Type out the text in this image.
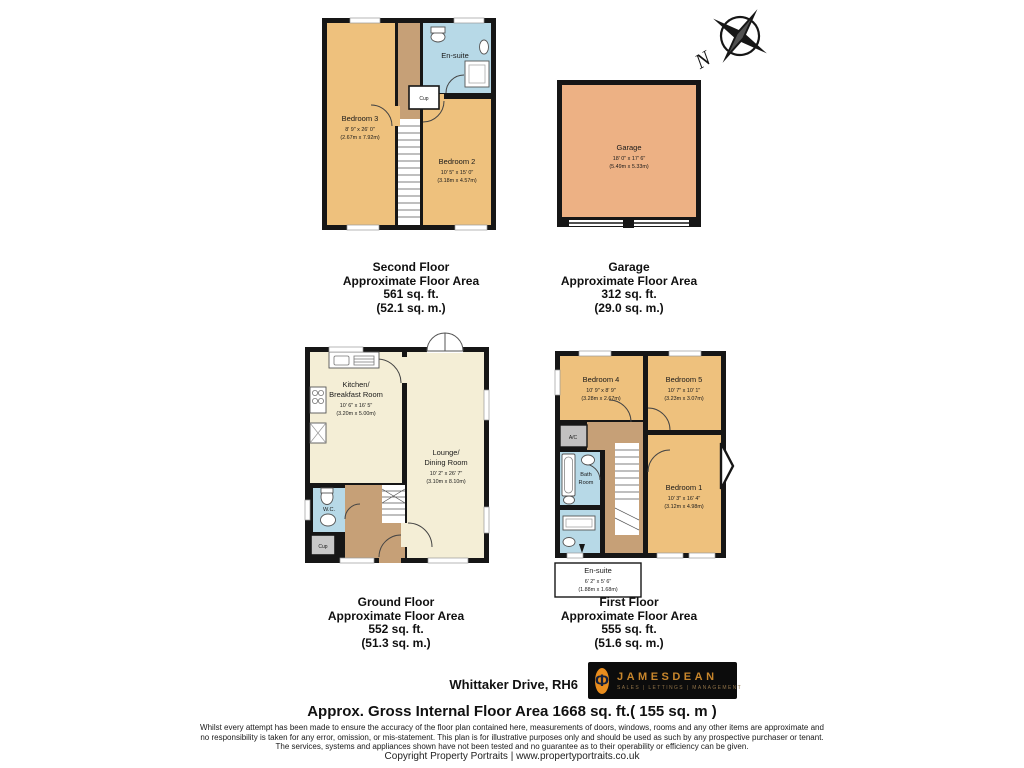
N
Cup
Bedroom 3
8' 9" x 26' 0"
(2.67m x 7.92m)
Bedroom 2
10' 5" x 15' 0"
(3.18m x 4.57m)
En-suite
Garage
18' 0" x 17' 6"
(5.49m x 5.33m)
Kitchen/
Breakfast Room
10' 6" x 16' 5"
(3.20m x 5.00m)
Lounge/
Dining Room
10' 2" x 26' 7"
(3.10m x 8.10m)
W.C.
Cup
En-suite
6' 2" x 5' 6"
(1.88m x 1.68m)
Bedroom 4
10' 9" x 8' 9"
(3.28m x 2.67m)
Bedroom 5
10' 7" x 10' 1"
(3.23m x 3.07m)
Bedroom 1
10' 3" x 16' 4"
(3.12m x 4.98m)
A/C
Bath
Room
Second Floor
Approximate Floor Area
561 sq. ft.
(52.1 sq. m.)
Garage
Approximate Floor Area
312 sq. ft.
(29.0 sq. m.)
Ground Floor
Approximate Floor Area
552 sq. ft.
(51.3 sq. m.)
First Floor
Approximate Floor Area
555 sq. ft.
(51.6 sq. m.)
Whittaker Drive, RH6 Φ JAMESDEAN
SALES | LETTINGS | MANAGEMENT
Approx. Gross Internal Floor Area 1668 sq. ft.( 155 sq. m )
Whilst every attempt has been made to ensure the accuracy of the floor plan contained here, measurements of doors, windows, rooms and any other items are approximate and
no responsibility is taken for any error, omission, or mis-statement. This plan is for illustrative purposes only and should be used as such by any prospective purchaser or tenant.
The services, systems and appliances shown have not been tested and no guarantee as to their operability or efficiency can be given.
Copyright Property Portraits | www.propertyportraits.co.uk
